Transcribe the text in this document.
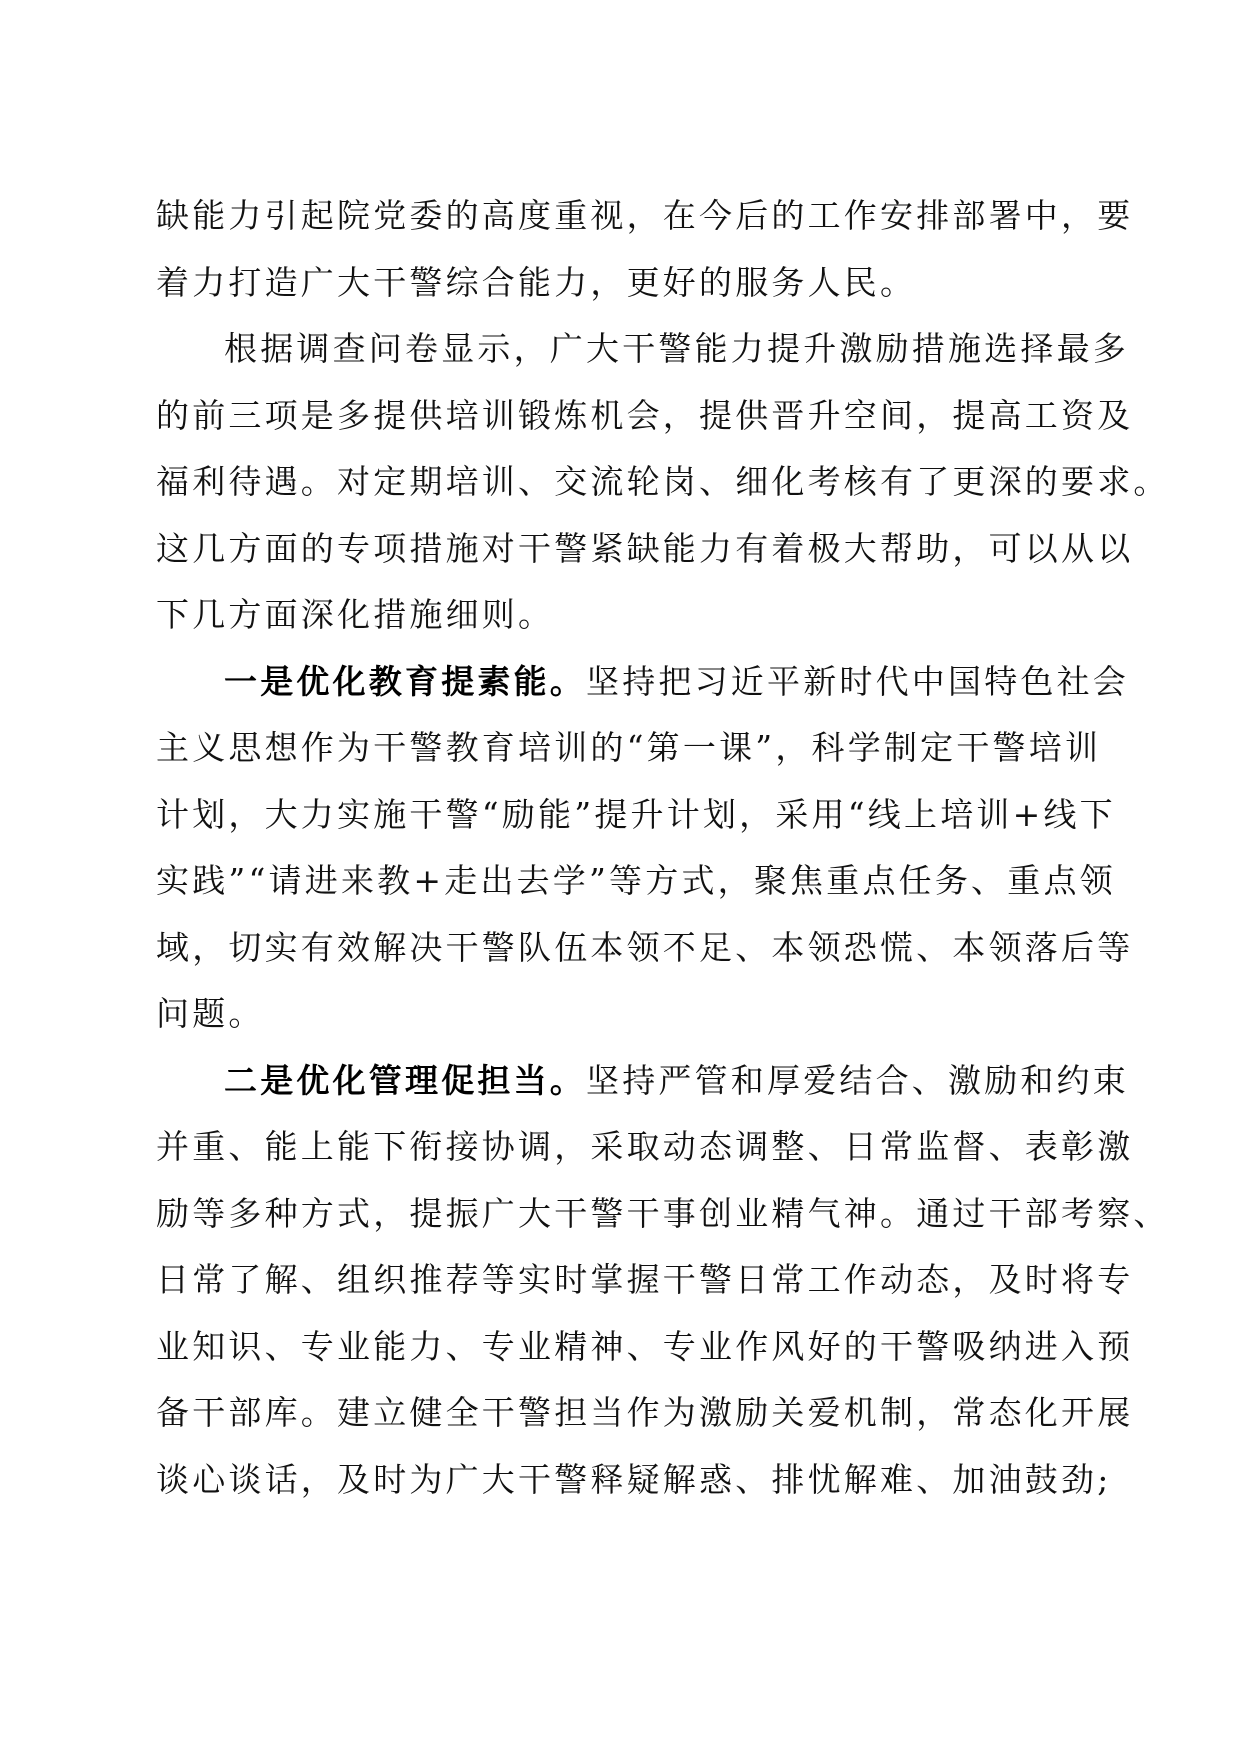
缺能力引起院党委的高度重视，在今后的工作安排部署中，要
着力打造广大干警综合能力，更好的服务人民。
根据调查问卷显示，广大干警能力提升激励措施选择最多
的前三项是多提供培训锻炼机会，提供晋升空间，提高工资及
福利待遇。对定期培训、交流轮岗、细化考核有了更深的要求。
这几方面的专项措施对干警紧缺能力有着极大帮助，可以从以
下几方面深化措施细则。
一是优化教育提素能。坚持把习近平新时代中国特色社会
主义思想作为干警教育培训的“第一课”，科学制定干警培训
计划，大力实施干警“励能”提升计划，采用“线上培训+线下
实践”“请进来教+走出去学”等方式，聚焦重点任务、重点领
域，切实有效解决干警队伍本领不足、本领恐慌、本领落后等
问题。
二是优化管理促担当。坚持严管和厚爱结合、激励和约束
并重、能上能下衔接协调，采取动态调整、日常监督、表彰激
励等多种方式，提振广大干警干事创业精气神。通过干部考察、
日常了解、组织推荐等实时掌握干警日常工作动态，及时将专
业知识、专业能力、专业精神、专业作风好的干警吸纳进入预
备干部库。建立健全干警担当作为激励关爱机制，常态化开展
谈心谈话，及时为广大干警释疑解惑、排忧解难、加油鼓劲;
